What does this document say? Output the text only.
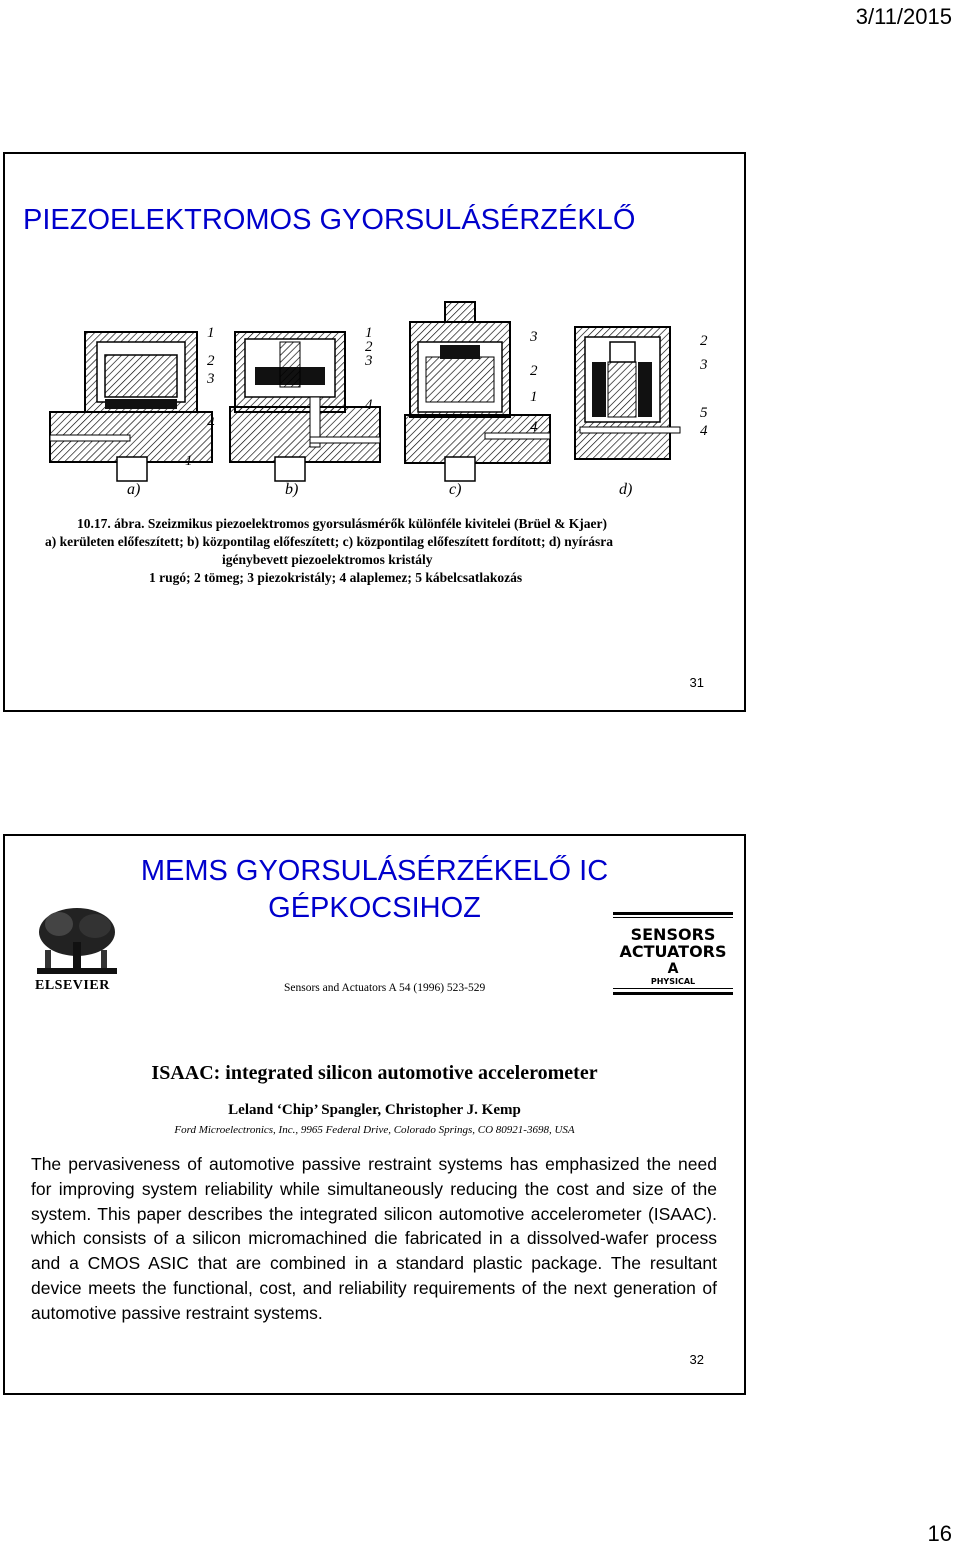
3/11/2015
PIEZOELEKTROMOS GYORSULÁSÉRZÉKLŐ
1
2
3
4
1
1
2
3
4
3
2
1
4
2
3
5
4
a)	b)	c)	d)
10.17. ábra. Szeizmikus piezoelektromos gyorsulásmérők különféle kivitelei (Brüel & Kjaer)
a) kerületen előfeszített; b) központilag előfeszített; c) központilag előfeszített fordított; d) nyírásra
igénybevett piezoelektromos kristály
1 rugó; 2 tömeg; 3 piezokristály; 4 alaplemez; 5 kábelcsatlakozás
31
MEMS GYORSULÁSÉRZÉKELŐ IC
GÉPKOCSIHOZ
ELSEVIER	Sensors and Actuators A 54 (1996) 523-529
SENSORS
ACTUATORS
A
PHYSICAL
ISAAC: integrated silicon automotive accelerometer
Leland ‘Chip’ Spangler, Christopher J. Kemp
Ford Microelectronics, Inc., 9965 Federal Drive, Colorado Springs, CO 80921-3698, USA
The pervasiveness of automotive passive restraint systems has emphasized the need for improving system reliability while simultaneously reducing the cost and size of the system. This paper describes the integrated silicon automotive accelerometer (ISAAC). which consists of a silicon micromachined die fabricated in a dissolved-wafer process and a CMOS ASIC that are combined in a standard plastic package. The resultant device meets the functional, cost, and reliability requirements of the next generation of automotive passive restraint systems.
32
16
